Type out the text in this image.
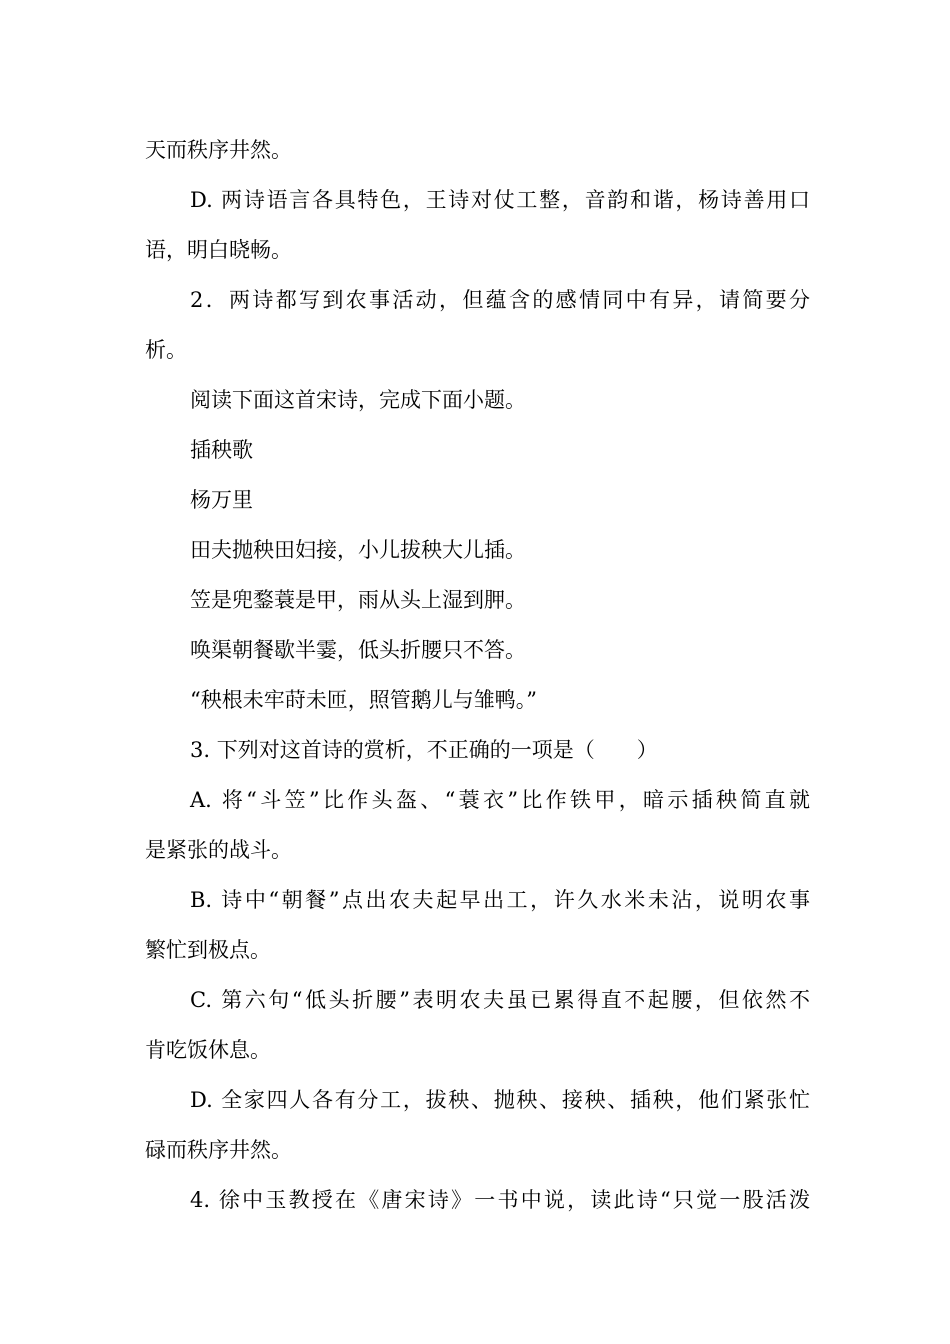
天而秩序井然。
D. 两诗语言各具特色，王诗对仗工整，音韵和谐，杨诗善用口
语，明白晓畅。
2．两诗都写到农事活动，但蕴含的感情同中有异，请简要分
析。
阅读下面这首宋诗，完成下面小题。
插秧歌
杨万里
田夫抛秧田妇接，小儿拔秧大儿插。
笠是兜鍪蓑是甲，雨从头上湿到胛。
唤渠朝餐歇半霎，低头折腰只不答。
“秧根未牢莳未匝，照管鹅儿与雏鸭。”
3. 下列对这首诗的赏析，不正确的一项是（　　）
A. 将“斗笠”比作头盔、“蓑衣”比作铁甲，暗示插秧简直就
是紧张的战斗。
B. 诗中“朝餐”点出农夫起早出工，许久水米未沾，说明农事
繁忙到极点。
C. 第六句“低头折腰”表明农夫虽已累得直不起腰，但依然不
肯吃饭休息。
D. 全家四人各有分工，拔秧、抛秧、接秧、插秧，他们紧张忙
碌而秩序井然。
4. 徐中玉教授在《唐宋诗》一书中说，读此诗“只觉一股活泼
